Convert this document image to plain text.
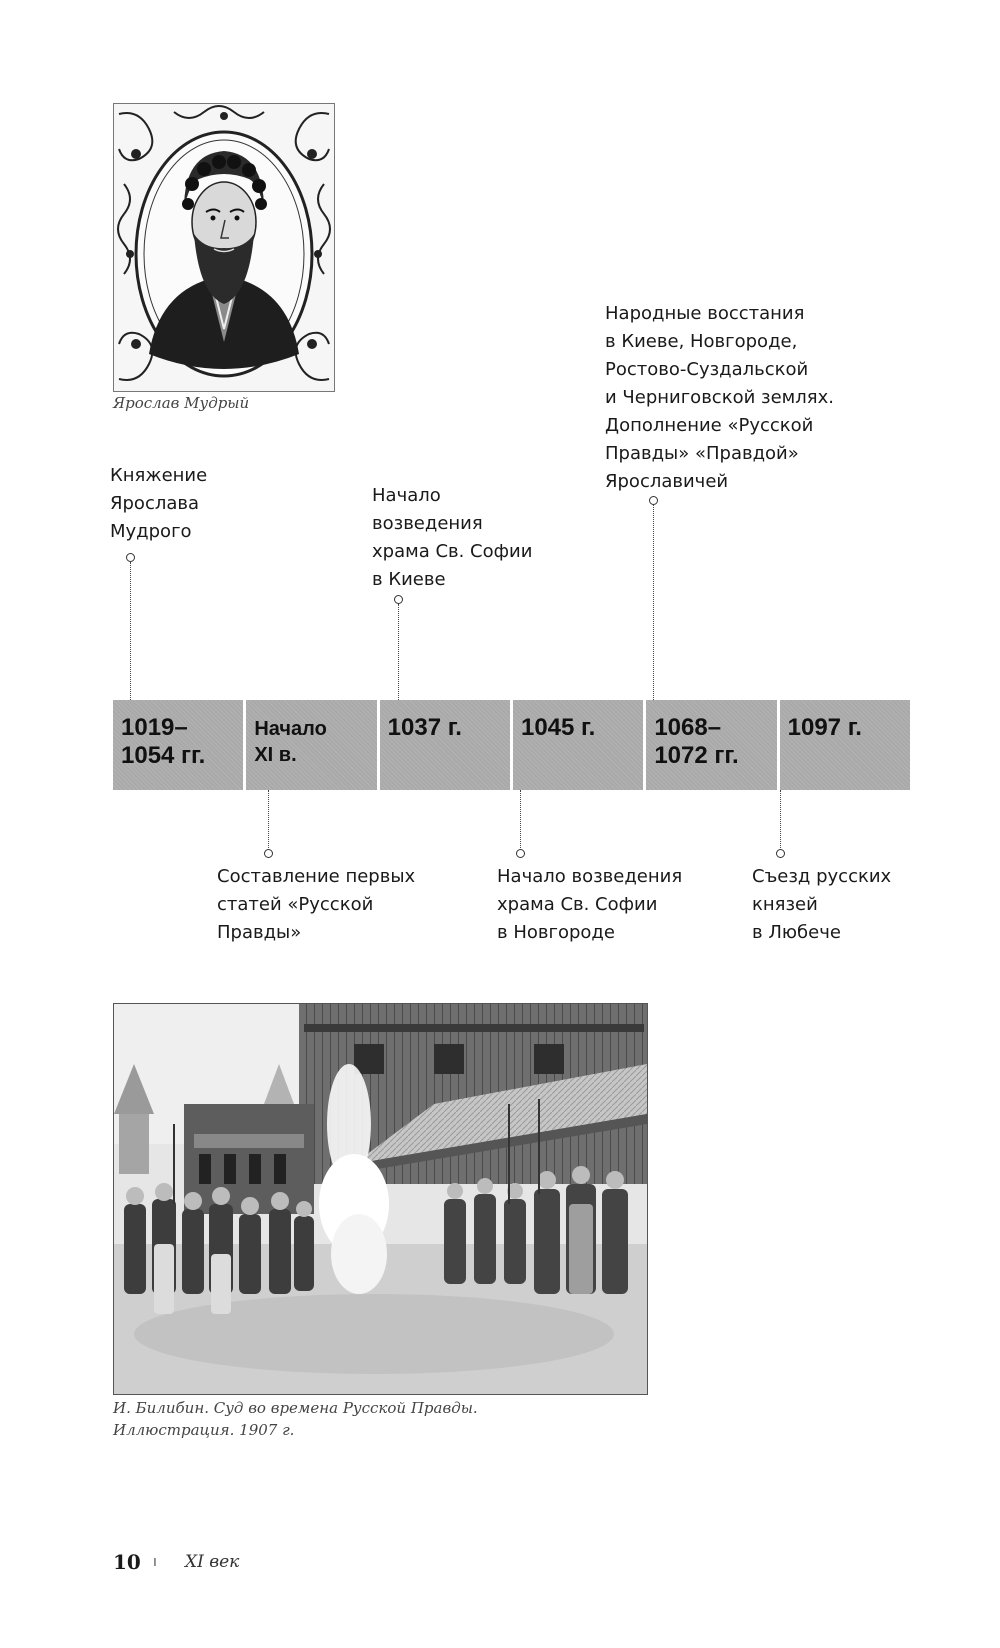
Ярослав Мудрый
Княжение
Ярослава
Мудрого
Начало
возведения
храма Св. Софии
в Киеве
Народные восстания
в Киеве, Новгороде,
Ростово-Суздальской
и Черниговской землях.
Дополнение «Русской
Правды» «Правдой»
Ярославичей
1019–
1054 гг.
Начало
XI в.
1037 г.	1045 г.	1068–
1072 гг.
1097 г.
Составление первых
статей «Русской
Правды»
Начало возведения
храма Св. Софии
в Новгороде
Съезд русских
князей
в Любече
И. Билибин. Суд во времена Русской Правды.
Иллюстрация. 1907 г.
10 ı XI век
